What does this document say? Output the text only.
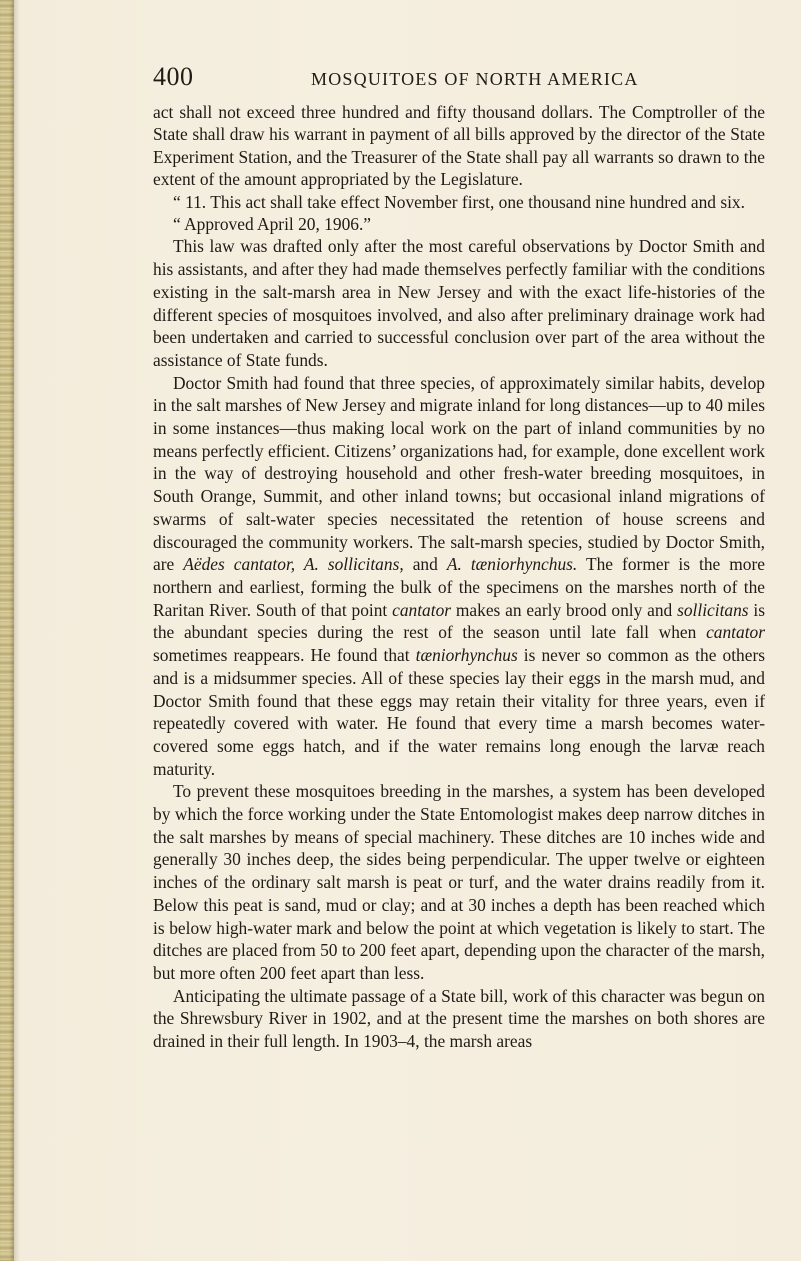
400	MOSQUITOES OF NORTH AMERICA

act shall not exceed three hundred and fifty thousand dollars. The Comptroller of the State shall draw his warrant in payment of all bills approved by the director of the State Experiment Station, and the Treasurer of the State shall pay all warrants so drawn to the extent of the amount appropriated by the Legislature.

“ 11. This act shall take effect November first, one thousand nine hundred and six.

“ Approved April 20, 1906.”

This law was drafted only after the most careful observations by Doctor Smith and his assistants, and after they had made themselves perfectly familiar with the conditions existing in the salt-marsh area in New Jersey and with the exact life-histories of the different species of mosquitoes involved, and also after preliminary drainage work had been undertaken and carried to successful conclusion over part of the area without the assistance of State funds.

Doctor Smith had found that three species, of approximately similar habits, develop in the salt marshes of New Jersey and migrate inland for long distances—up to 40 miles in some instances—thus making local work on the part of inland communities by no means perfectly efficient. Citizens’ organizations had, for example, done excellent work in the way of destroying household and other fresh-water breeding mosquitoes, in South Orange, Summit, and other inland towns; but occasional inland migrations of swarms of salt-water species necessitated the retention of house screens and discouraged the community workers. The salt-marsh species, studied by Doctor Smith, are Aëdes cantator, A. sollicitans, and A. tæniorhynchus. The former is the more northern and earliest, forming the bulk of the specimens on the marshes north of the Raritan River. South of that point cantator makes an early brood only and sollicitans is the abundant species during the rest of the season until late fall when cantator sometimes reappears. He found that tæniorhynchus is never so common as the others and is a midsummer species. All of these species lay their eggs in the marsh mud, and Doctor Smith found that these eggs may retain their vitality for three years, even if repeatedly covered with water. He found that every time a marsh becomes water-covered some eggs hatch, and if the water remains long enough the larvæ reach maturity.

To prevent these mosquitoes breeding in the marshes, a system has been developed by which the force working under the State Entomologist makes deep narrow ditches in the salt marshes by means of special machinery. These ditches are 10 inches wide and generally 30 inches deep, the sides being perpendicular. The upper twelve or eighteen inches of the ordinary salt marsh is peat or turf, and the water drains readily from it. Below this peat is sand, mud or clay; and at 30 inches a depth has been reached which is below high-water mark and below the point at which vegetation is likely to start. The ditches are placed from 50 to 200 feet apart, depending upon the character of the marsh, but more often 200 feet apart than less.

Anticipating the ultimate passage of a State bill, work of this character was begun on the Shrewsbury River in 1902, and at the present time the marshes on both shores are drained in their full length. In 1903–4, the marsh areas
